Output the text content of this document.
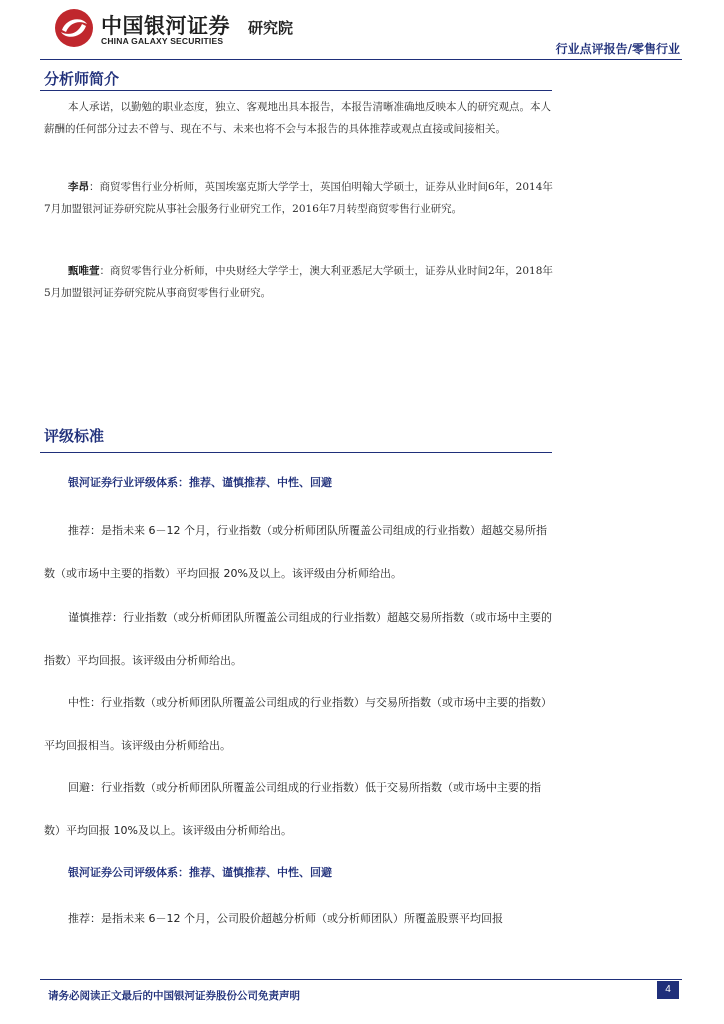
中国银河证券
CHINA GALAXY SECURITIES
研究院
行业点评报告/零售行业
分析师简介
本人承诺，以勤勉的职业态度，独立、客观地出具本报告，本报告清晰准确地反映本人的研究观点。本人薪酬的任何部分过去不曾与、现在不与、未来也将不会与本报告的具体推荐或观点直接或间接相关。
李昂：商贸零售行业分析师，英国埃塞克斯大学学士，英国伯明翰大学硕士，证券从业时间6年，2014年7月加盟银河证券研究院从事社会服务行业研究工作，2016年7月转型商贸零售行业研究。
甄唯萱：商贸零售行业分析师，中央财经大学学士，澳大利亚悉尼大学硕士，证券从业时间2年，2018年5月加盟银河证券研究院从事商贸零售行业研究。
评级标准
银河证券行业评级体系：推荐、谨慎推荐、中性、回避
推荐：是指未来 6－12 个月，行业指数（或分析师团队所覆盖公司组成的行业指数）超越交易所指数（或市场中主要的指数）平均回报 20%及以上。该评级由分析师给出。
谨慎推荐：行业指数（或分析师团队所覆盖公司组成的行业指数）超越交易所指数（或市场中主要的指数）平均回报。该评级由分析师给出。
中性：行业指数（或分析师团队所覆盖公司组成的行业指数）与交易所指数（或市场中主要的指数）平均回报相当。该评级由分析师给出。
回避：行业指数（或分析师团队所覆盖公司组成的行业指数）低于交易所指数（或市场中主要的指数）平均回报 10%及以上。该评级由分析师给出。
银河证券公司评级体系：推荐、谨慎推荐、中性、回避
推荐：是指未来 6－12 个月，公司股价超越分析师（或分析师团队）所覆盖股票平均回报
请务必阅读正文最后的中国银河证券股份公司免责声明
4
